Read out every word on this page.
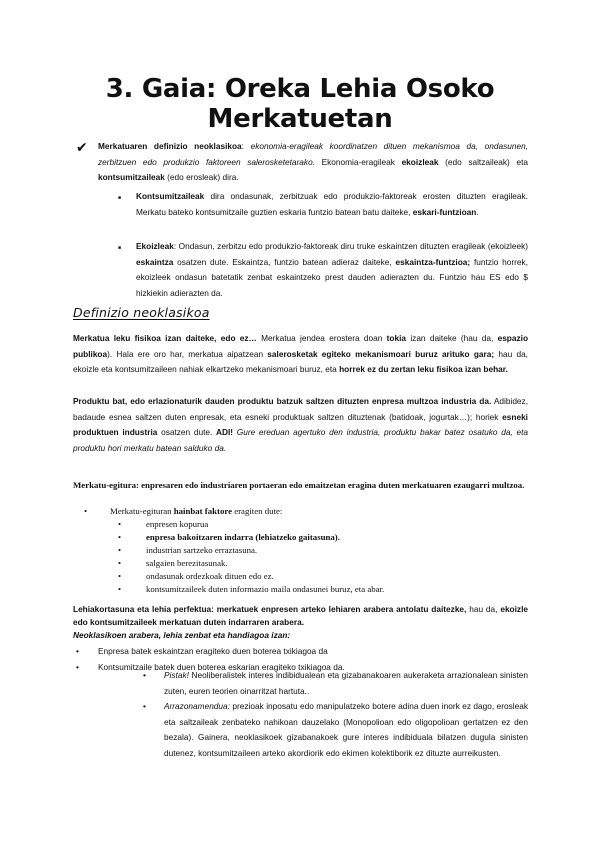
3. Gaia: Oreka Lehia Osoko
Merkatuetan
✔ Merkatuaren definizio neoklasikoa: ekonomia-eragileak koordinatzen dituen mekanismoa da, ondasunen, zerbitzuen edo produkzio faktoreen salerosketetarako. Ekonomia-eragileak ekoizleak (edo saltzaileak) eta kontsumitzaileak (edo erosleak) dira.

■ Kontsumitzaileak dira ondasunak, zerbitzuak edo produkzio-faktoreak erosten dituzten eragileak. Merkatu bateko kontsumitzaile guztien eskaria funtzio batean batu daiteke, eskari-funtzioan.

■ Ekoizleak: Ondasun, zerbitzu edo produkzio-faktoreak diru truke eskaintzen dituzten eragileak (ekoizleek) eskaintza osatzen dute. Eskaintza, funtzio batean adieraz daiteke, eskaintza-funtzioa; funtzio horrek, ekoizleek ondasun batetatik zenbat eskaintzeko prest dauden adierazten du. Funtzio hau ES edo $ hizkiekin adierazten da.

Definizio neoklasikoa

Merkatua leku fisikoa izan daiteke, edo ez… Merkatua jendea erostera doan tokia izan daiteke (hau da, espazio publikoa). Hala ere oro har, merkatua aipatzean salerosketak egiteko mekanismoari buruz arituko gara; hau da, ekoizle eta kontsumitzaileen nahiak elkartzeko mekanismoari buruz, eta horrek ez du zertan leku fisikoa izan behar.

Produktu bat, edo erlazionaturik dauden produktu batzuk saltzen dituzten enpresa multzoa industria da. Adibidez, badaude esnea saltzen duten enpresak, eta esneki produktuak saltzen dituztenak (batidoak, jogurtak…); horiek esneki produktuen industria osatzen dute. ADI! Gure ereduan agertuko den industria, produktu bakar batez osatuko da, eta produktu hori merkatu batean salduko da.

Merkatu-egitura: enpresaren edo industriaren portaeran edo emaitzetan eragina duten merkatuaren ezaugarri multzoa.

•	Merkatu-egituran hainbat faktore eragiten dute:
•	enpresen kopurua
•	enpresa bakoitzaren indarra (lehiatzeko gaitasuna).
•	industrian sartzeko erraztasuna.
•	salgaien berezitasunak.
•	ondasunak ordezkoak dituen edo ez.
•	kontsumitzaileek duten informazio maila ondasunei buruz, eta abar.

Lehiakortasuna eta lehia perfektua: merkatuek enpresen arteko lehiaren arabera antolatu daitezke, hau da, ekoizle edo kontsumitzaileek merkatuan duten indarraren arabera.

Neoklasikoen arabera, lehia zenbat eta handiagoa izan:

• Enpresa batek eskaintzan eragiteko duen boterea txikiagoa da
• Kontsumitzaile batek duen boterea eskarian eragiteko txikiagoa da.
• Pistak! Neoliberalistek interes indibidualean eta gizabanakoaren aukeraketa arrazionalean sinisten zuten, euren teorien oinarritzat hartuta..
• Arrazonamendua: prezioak inposatu edo manipulatzeko botere adina duen inork ez dago, erosleak eta saltzaileak zenbateko nahikoan dauzelako (Monopolioan edo oligopolioan gertatzen ez den bezala). Gainera, neoklasikoek gizabanakoek gure interes indibiduala bilatzen dugula sinisten dutenez, kontsumitzaileen arteko akordiorik edo ekimen kolektiborik ez dituzte aurreikusten.
